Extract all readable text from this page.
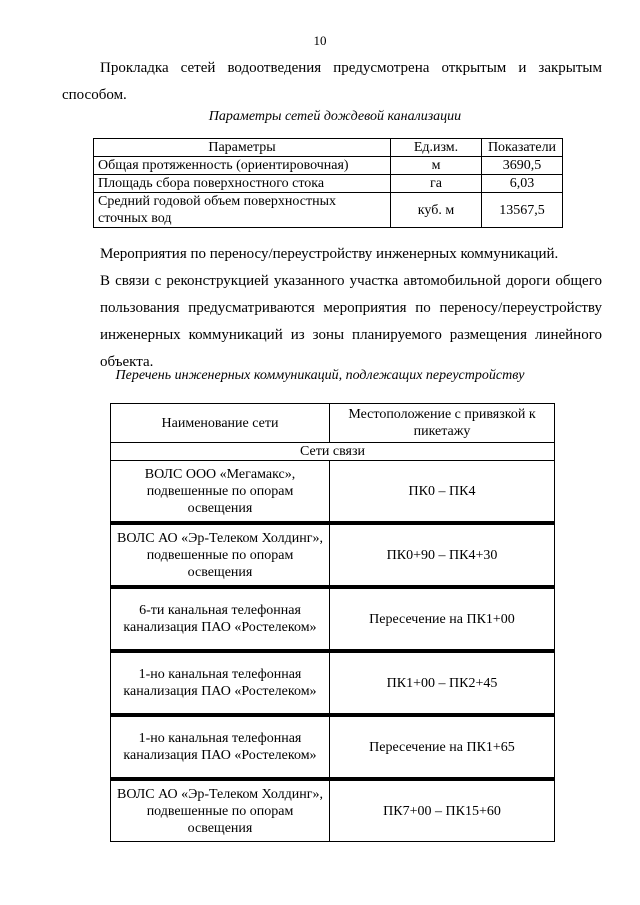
10
Прокладка сетей водоотведения предусмотрена открытым и закрытым способом.
Параметры сетей дождевой канализации
Параметры	Ед.изм.	Показатели
Общая протяженность (ориентировочная)	м	3690,5
Площадь сбора поверхностного стока	га	6,03
Средний годовой объем поверхностных сточных вод	куб. м	13567,5
Мероприятия по переносу/переустройству инженерных коммуникаций.
В связи с реконструкцией указанного участка автомобильной дороги общего пользования предусматриваются мероприятия по переносу/переустройству инженерных коммуникаций из зоны планируемого размещения линейного объекта.
Перечень инженерных коммуникаций, подлежащих переустройству
Наименование сети	Местоположение с привязкой к пикетажу
Сети связи	
ВОЛС ООО «Мегамакс», подвешенные по опорам освещения	ПК0 – ПК4
ВОЛС АО «Эр-Телеком Холдинг», подвешенные по опорам освещения	ПК0+90 – ПК4+30
6-ти канальная телефонная канализация ПАО «Ростелеком»	Пересечение на ПК1+00
1-но канальная телефонная канализация ПАО «Ростелеком»	ПК1+00 – ПК2+45
1-но канальная телефонная канализация ПАО «Ростелеком»	Пересечение на ПК1+65
ВОЛС АО «Эр-Телеком Холдинг», подвешенные по опорам освещения	ПК7+00 – ПК15+60
